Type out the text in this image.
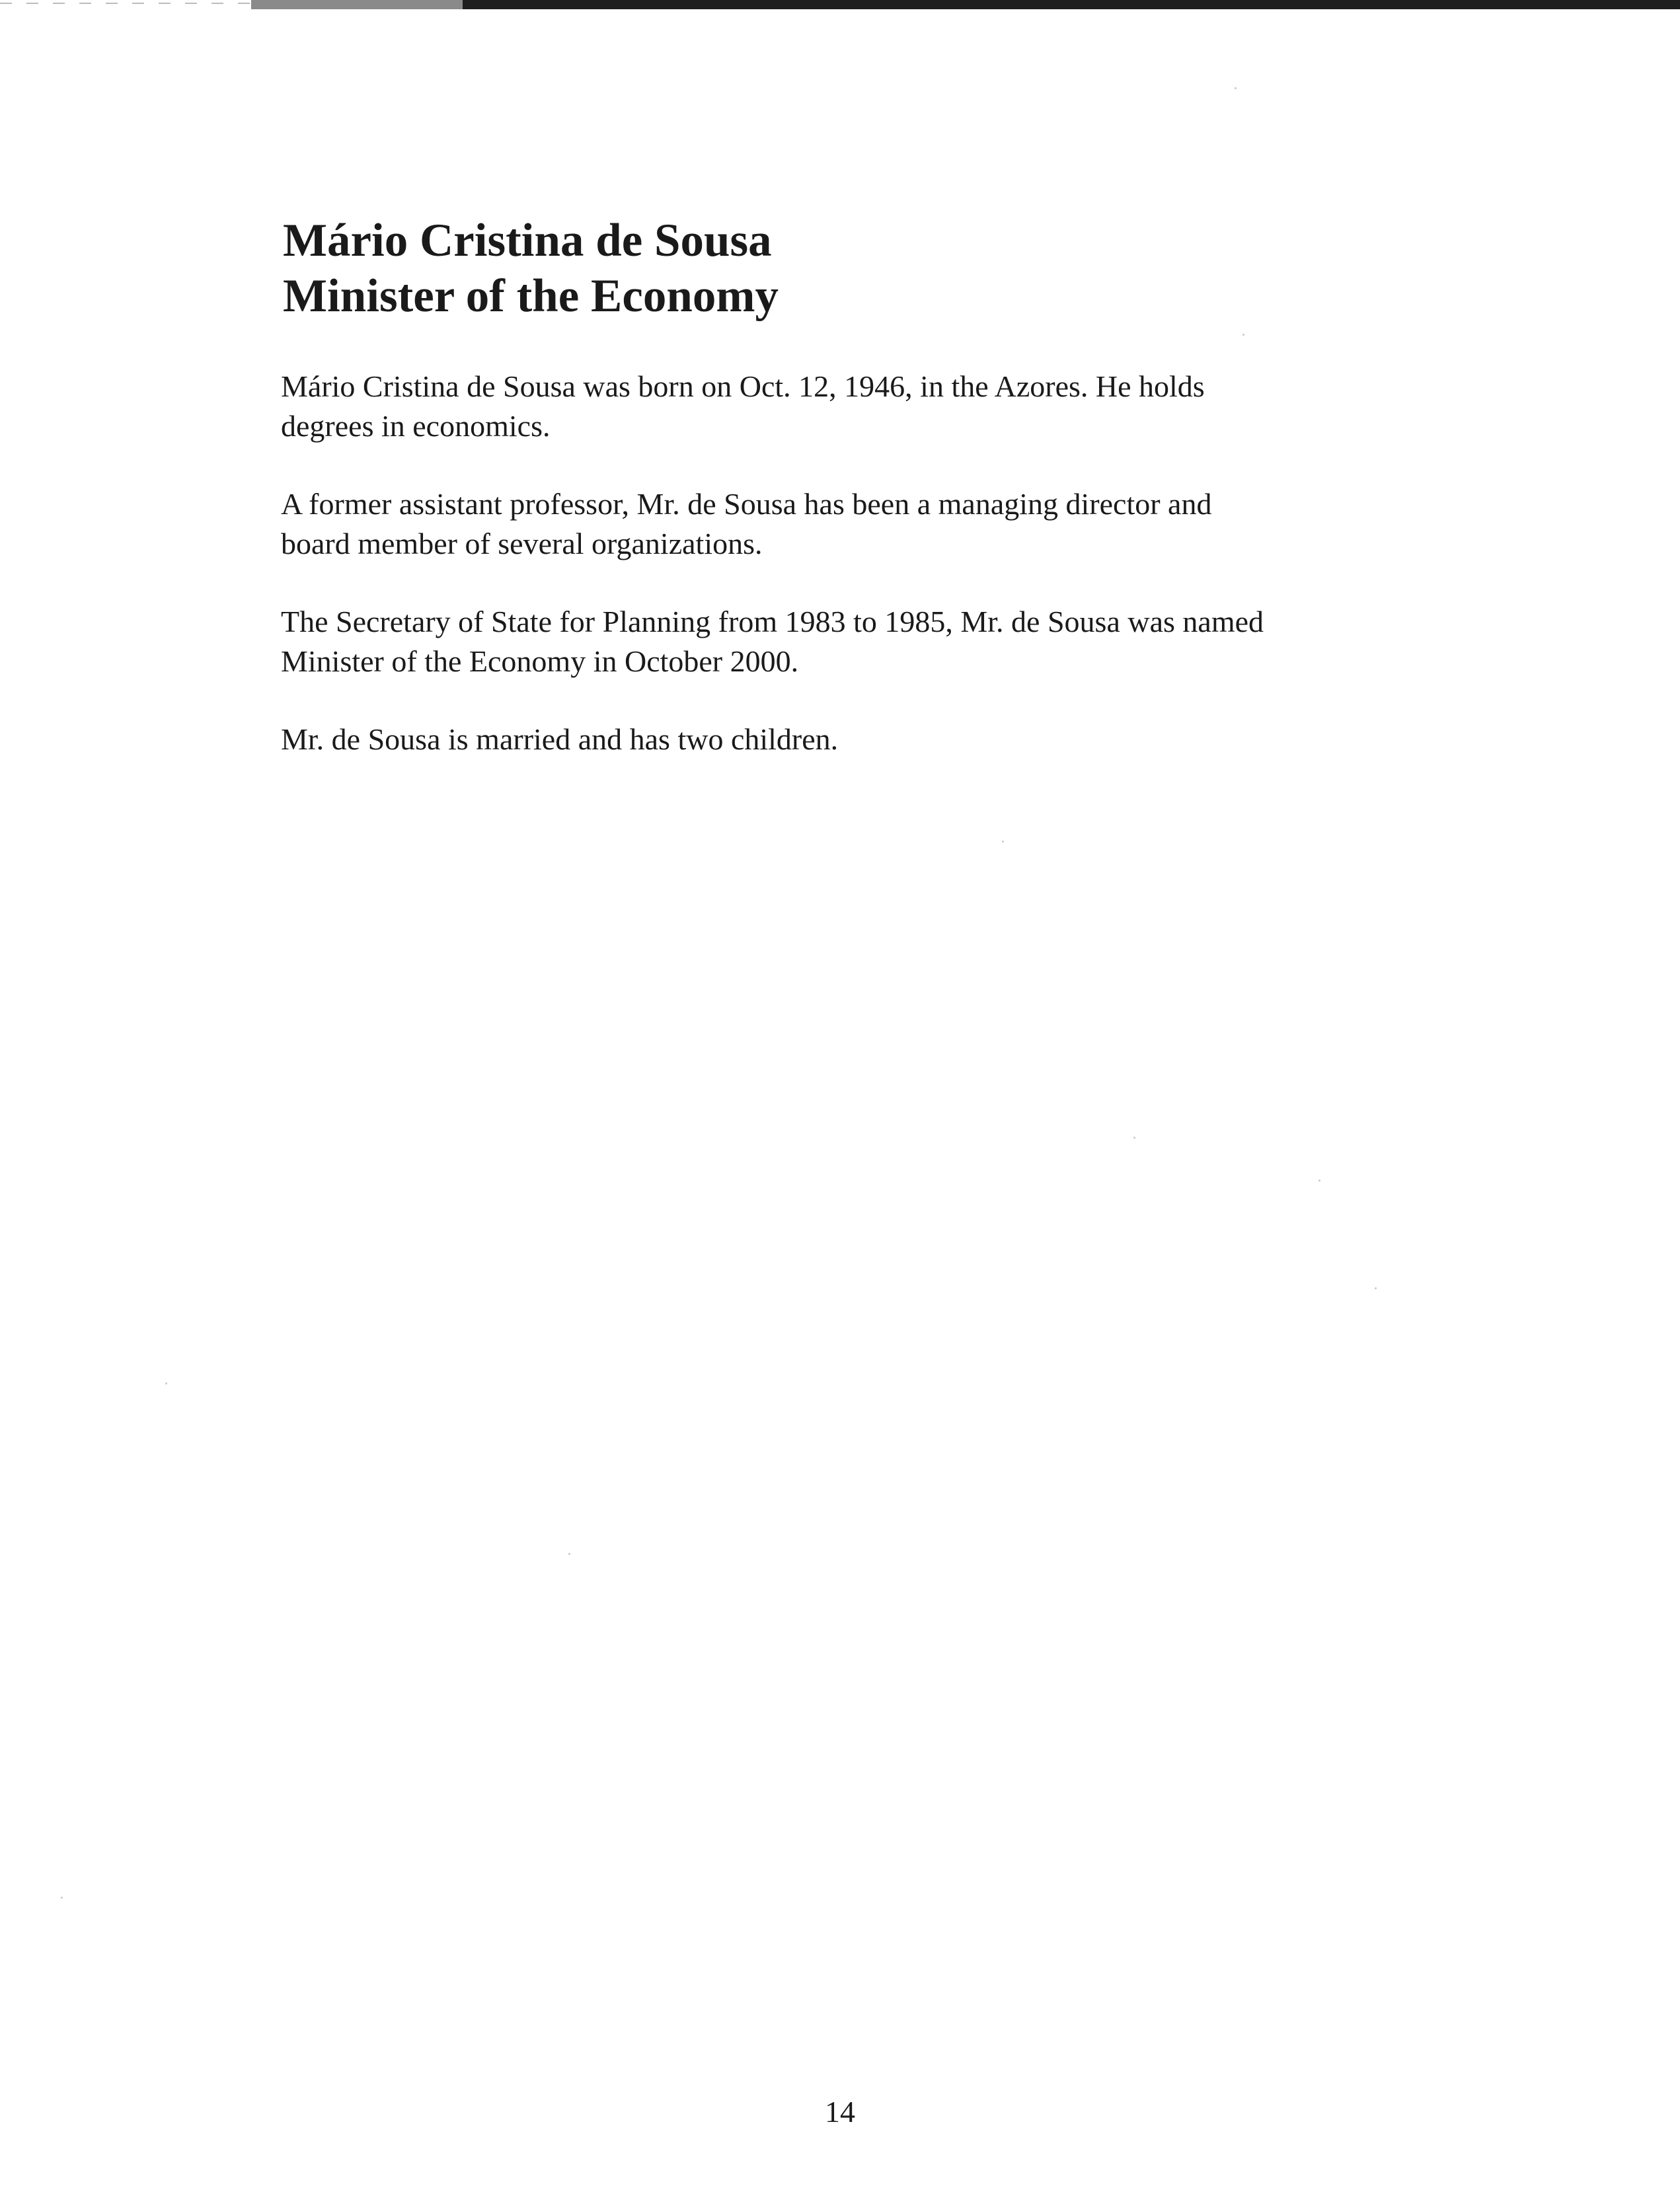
Mário Cristina de Sousa
Minister of the Economy
Mário Cristina de Sousa was born on Oct. 12, 1946, in the Azores. He holds
degrees in economics.
A former assistant professor, Mr. de Sousa has been a managing director and
board member of several organizations.
The Secretary of State for Planning from 1983 to 1985, Mr. de Sousa was named
Minister of the Economy in October 2000.
Mr. de Sousa is married and has two children.
14
